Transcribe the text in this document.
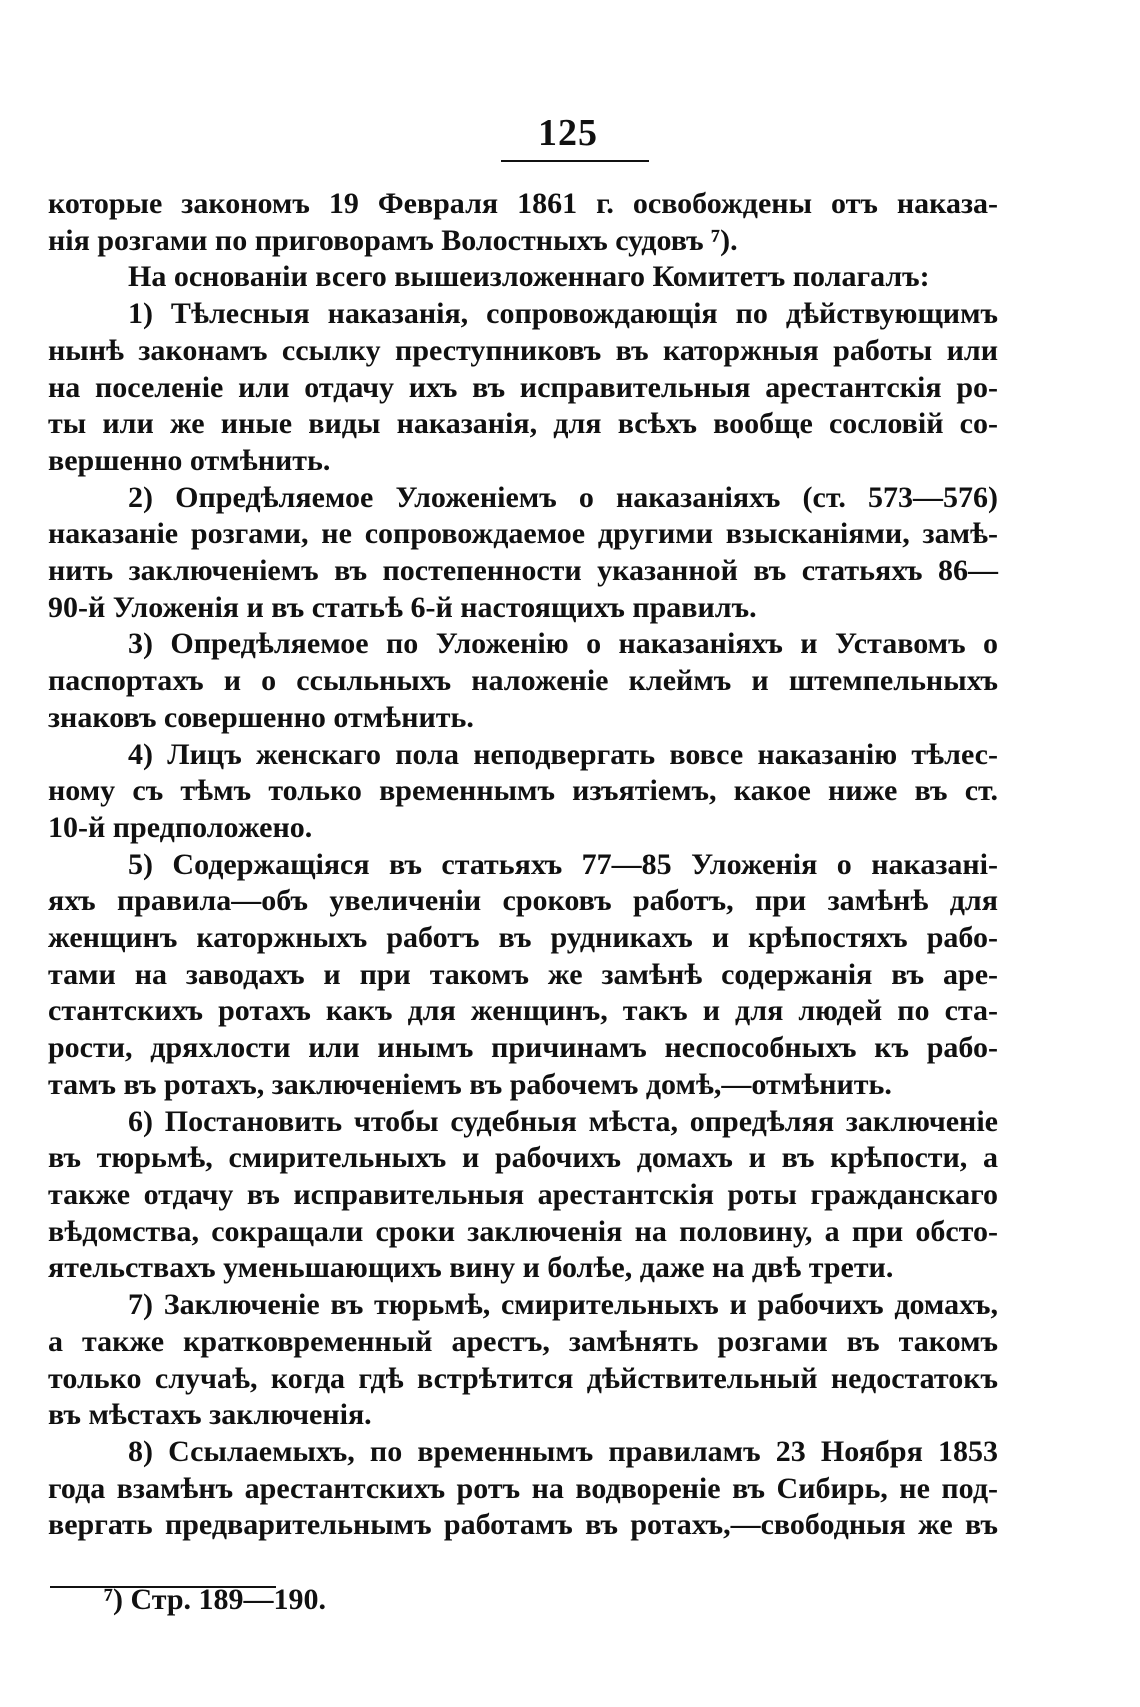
125
которые закономъ 19 Февраля 1861 г. освобождены отъ наказа-
нія розгами по приговорамъ Волостныхъ судовъ ⁷).
На основаніи всего вышеизложеннаго Комитетъ полагалъ:
1) Тѣлесныя наказанія, сопровождающія по дѣйствующимъ
нынѣ законамъ ссылку преступниковъ въ каторжныя работы или
на поселеніе или отдачу ихъ въ исправительныя арестантскія ро-
ты или же иные виды наказанія, для всѣхъ вообще сословій со-
вершенно отмѣнить.
2) Опредѣляемое Уложеніемъ о наказаніяхъ (ст. 573—576)
наказаніе розгами, не сопровождаемое другими взысканіями, замѣ-
нить заключеніемъ въ постепенности указанной въ статьяхъ 86—
90-й Уложенія и въ статьѣ 6-й настоящихъ правилъ.
3) Опредѣляемое по Уложенію о наказаніяхъ и Уставомъ о
паспортахъ и о ссыльныхъ наложеніе клеймъ и штемпельныхъ
знаковъ совершенно отмѣнить.
4) Лицъ женскаго пола неподвергать вовсе наказанію тѣлес-
ному съ тѣмъ только временнымъ изъятіемъ, какое ниже въ ст.
10-й предположено.
5) Содержащіяся въ статьяхъ 77—85 Уложенія о наказані-
яхъ правила—объ увеличеніи сроковъ работъ, при замѣнѣ для
женщинъ каторжныхъ работъ въ рудникахъ и крѣпостяхъ рабо-
тами на заводахъ и при такомъ же замѣнѣ содержанія въ аре-
стантскихъ ротахъ какъ для женщинъ, такъ и для людей по ста-
рости, дряхлости или инымъ причинамъ неспособныхъ къ рабо-
тамъ въ ротахъ, заключеніемъ въ рабочемъ домѣ,—отмѣнить.
6) Постановить чтобы судебныя мѣста, опредѣляя заключеніе
въ тюрьмѣ, смирительныхъ и рабочихъ домахъ и въ крѣпости, а
также отдачу въ исправительныя арестантскія роты гражданскаго
вѣдомства, сокращали сроки заключенія на половину, а при обсто-
ятельствахъ уменьшающихъ вину и болѣе, даже на двѣ трети.
7) Заключеніе въ тюрьмѣ, смирительныхъ и рабочихъ домахъ,
а также кратковременный арестъ, замѣнять розгами въ такомъ
только случаѣ, когда гдѣ встрѣтится дѣйствительный недостатокъ
въ мѣстахъ заключенія.
8) Ссылаемыхъ, по временнымъ правиламъ 23 Ноября 1853
года взамѣнъ арестантскихъ ротъ на водвореніе въ Сибирь, не под-
вергать предварительнымъ работамъ въ ротахъ,—свободныя же въ
⁷) Стр. 189—190.
